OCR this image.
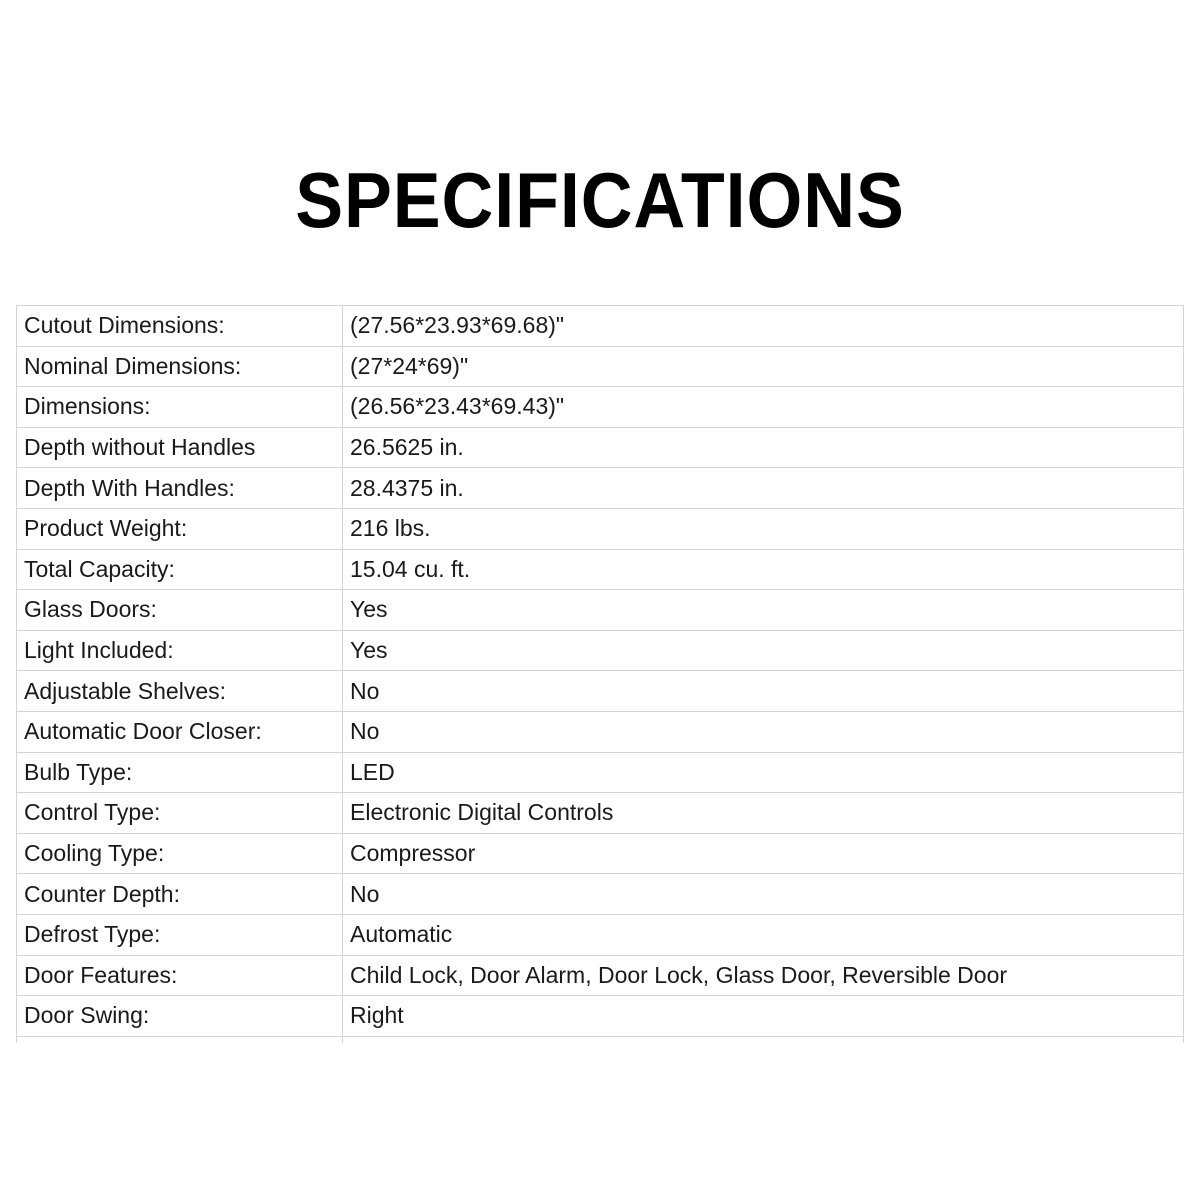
SPECIFICATIONS
Cutout Dimensions:	(27.56*23.93*69.68)"
Nominal Dimensions:	(27*24*69)"
Dimensions:	(26.56*23.43*69.43)"
Depth without Handles	26.5625 in.
Depth With Handles:	28.4375 in.
Product Weight:	216 lbs.
Total Capacity:	15.04 cu. ft.
Glass Doors:	Yes
Light Included:	Yes
Adjustable Shelves:	No
Automatic Door Closer:	No
Bulb Type:	LED
Control Type:	Electronic Digital Controls
Cooling Type:	Compressor
Counter Depth:	No
Defrost Type:	Automatic
Door Features:	Child Lock, Door Alarm, Door Lock, Glass Door, Reversible Door
Door Swing:	Right
